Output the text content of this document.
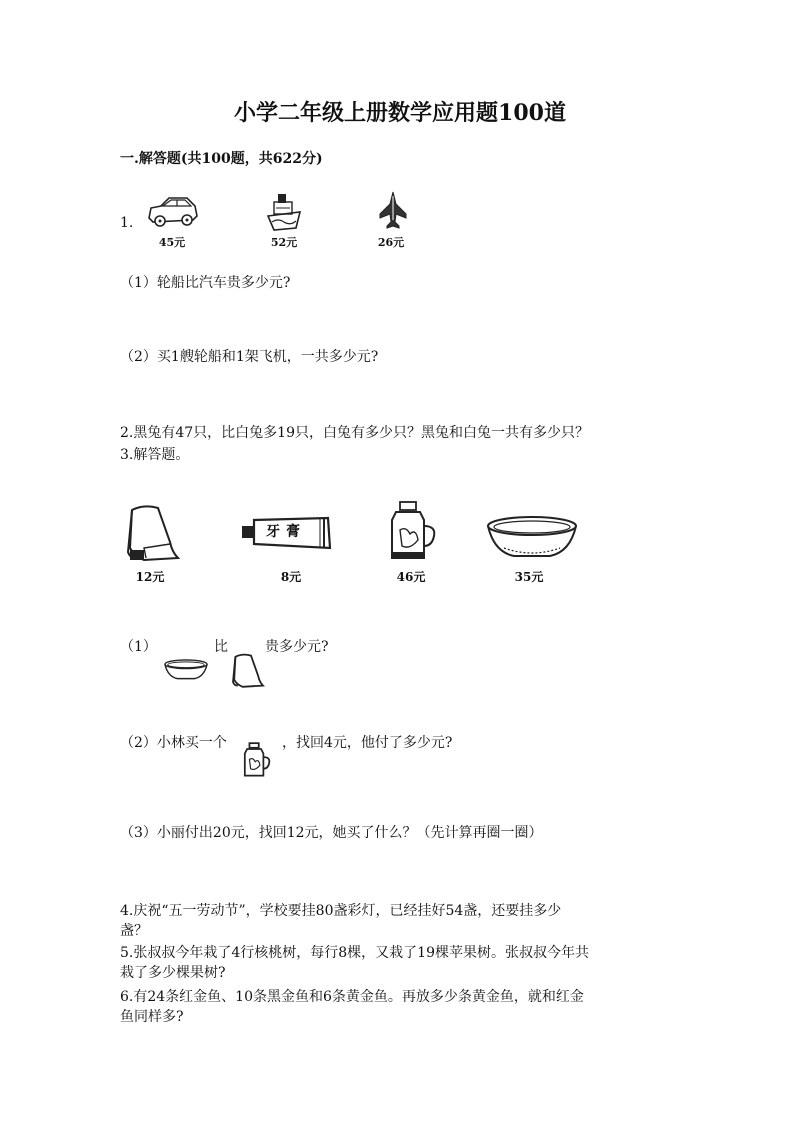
小学二年级上册数学应用题100道
一.解答题(共100题，共622分)
1.
45元	52元	26元
（1）轮船比汽车贵多少元?
（2）买1艘轮船和1架飞机，一共多少元?
2.黑兔有47只，比白兔多19只，白兔有多少只？黑兔和白兔一共有多少只？
3.解答题。
12元
牙膏
8元	46元	35元
（1）	比	贵多少元?
（2）小林买一个	，找回4元，他付了多少元?
（3）小丽付出20元，找回12元，她买了什么？（先计算再圈一圈）
4.庆祝“五一劳动节”，学校要挂80盏彩灯，已经挂好54盏，还要挂多少
盏？
5.张叔叔今年栽了4行核桃树，每行8棵，又栽了19棵苹果树。张叔叔今年共
栽了多少棵果树?
6.有24条红金鱼、10条黑金鱼和6条黄金鱼。再放多少条黄金鱼，就和红金
鱼同样多?
